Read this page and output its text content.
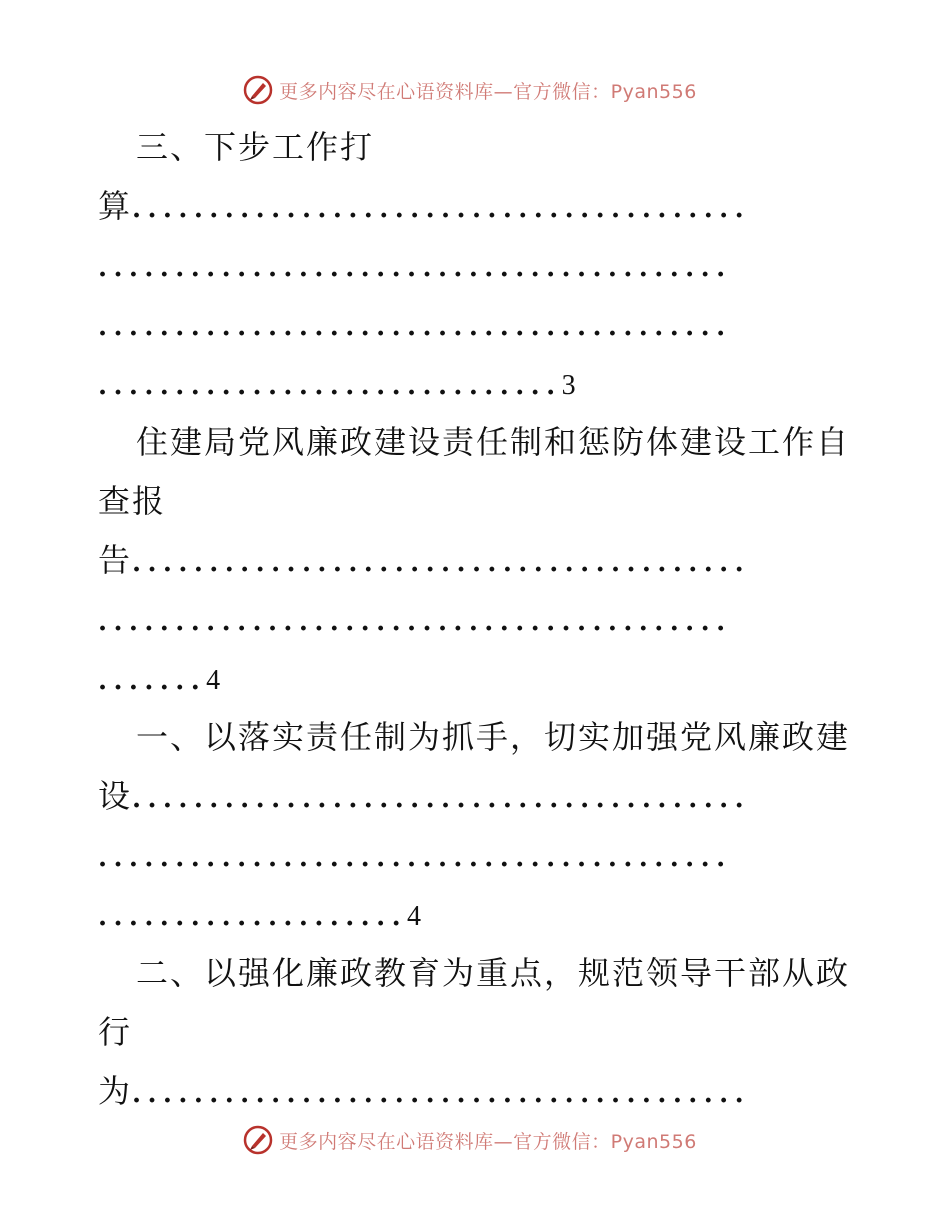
更多内容尽在心语资料库—官方微信：Pyan556
三、下步工作打
算........................................
.........................................
.........................................
..............................3
住建局党风廉政建设责任制和惩防体建设工作自
查报
告........................................
.........................................
.......4
一、以落实责任制为抓手，切实加强党风廉政建
设........................................
.........................................
....................4
二、以强化廉政教育为重点，规范领导干部从政
行
为........................................
更多内容尽在心语资料库—官方微信：Pyan556
